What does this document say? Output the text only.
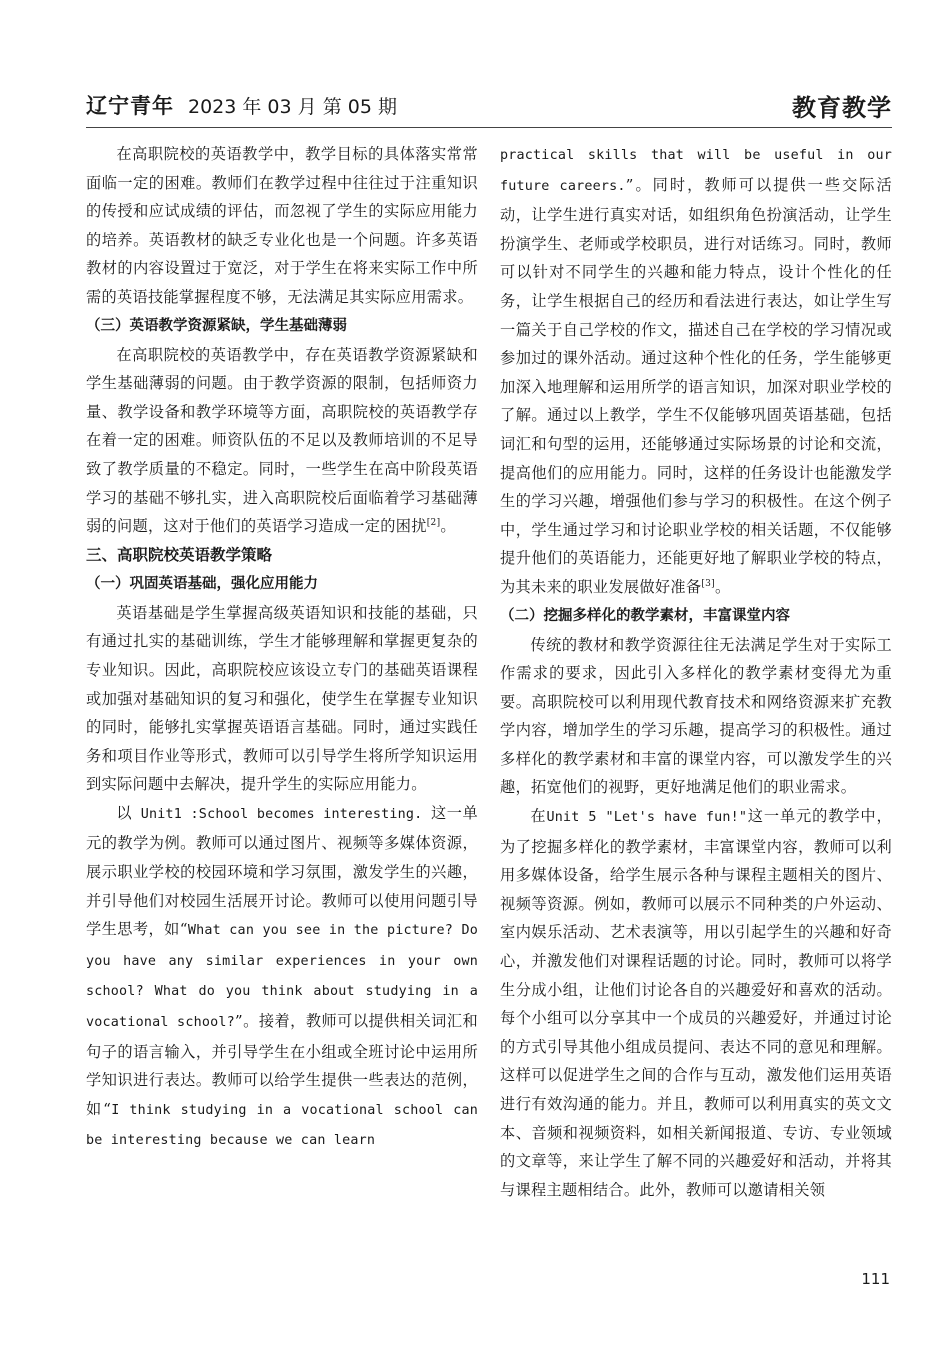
辽宁青年 2023 年 03 月 第 05 期	教育教学

在高职院校的英语教学中，教学目标的具体落实常常面临一定的困难。教师们在教学过程中往往过于注重知识的传授和应试成绩的评估，而忽视了学生的实际应用能力的培养。英语教材的缺乏专业化也是一个问题。许多英语教材的内容设置过于宽泛，对于学生在将来实际工作中所需的英语技能掌握程度不够，无法满足其实际应用需求。

（三）英语教学资源紧缺，学生基础薄弱

在高职院校的英语教学中，存在英语教学资源紧缺和学生基础薄弱的问题。由于教学资源的限制，包括师资力量、教学设备和教学环境等方面，高职院校的英语教学存在着一定的困难。师资队伍的不足以及教师培训的不足导致了教学质量的不稳定。同时，一些学生在高中阶段英语学习的基础不够扎实，进入高职院校后面临着学习基础薄弱的问题，这对于他们的英语学习造成一定的困扰[2]。

三、高职院校英语教学策略
（一）巩固英语基础，强化应用能力

英语基础是学生掌握高级英语知识和技能的基础，只有通过扎实的基础训练，学生才能够理解和掌握更复杂的专业知识。因此，高职院校应该设立专门的基础英语课程或加强对基础知识的复习和强化，使学生在掌握专业知识的同时，能够扎实掌握英语语言基础。同时，通过实践任务和项目作业等形式，教师可以引导学生将所学知识运用到实际问题中去解决，提升学生的实际应用能力。

以 Unit1 :School becomes interesting. 这一单元的教学为例。教师可以通过图片、视频等多媒体资源，展示职业学校的校园环境和学习氛围，激发学生的兴趣，并引导他们对校园生活展开讨论。教师可以使用问题引导学生思考，如“What can you see in the picture? Do you have any similar experiences in your own school? What do you think about studying in a vocational school?”。接着，教师可以提供相关词汇和句子的语言输入，并引导学生在小组或全班讨论中运用所学知识进行表达。教师可以给学生提供一些表达的范例，如“I think studying in a vocational school can be interesting because we can learn

practical skills that will be useful in our future careers.”。同时，教师可以提供一些交际活动，让学生进行真实对话，如组织角色扮演活动，让学生扮演学生、老师或学校职员，进行对话练习。同时，教师可以针对不同学生的兴趣和能力特点，设计个性化的任务，让学生根据自己的经历和看法进行表达，如让学生写一篇关于自己学校的作文，描述自己在学校的学习情况或参加过的课外活动。通过这种个性化的任务，学生能够更加深入地理解和运用所学的语言知识，加深对职业学校的了解。通过以上教学，学生不仅能够巩固英语基础，包括词汇和句型的运用，还能够通过实际场景的讨论和交流，提高他们的应用能力。同时，这样的任务设计也能激发学生的学习兴趣，增强他们参与学习的积极性。在这个例子中，学生通过学习和讨论职业学校的相关话题，不仅能够提升他们的英语能力，还能更好地了解职业学校的特点，为其未来的职业发展做好准备[3]。

（二）挖掘多样化的教学素材，丰富课堂内容

传统的教材和教学资源往往无法满足学生对于实际工作需求的要求，因此引入多样化的教学素材变得尤为重要。高职院校可以利用现代教育技术和网络资源来扩充教学内容，增加学生的学习乐趣，提高学习的积极性。通过多样化的教学素材和丰富的课堂内容，可以激发学生的兴趣，拓宽他们的视野，更好地满足他们的职业需求。

在Unit 5 "Let's have fun!"这一单元的教学中，为了挖掘多样化的教学素材，丰富课堂内容，教师可以利用多媒体设备，给学生展示各种与课程主题相关的图片、视频等资源。例如，教师可以展示不同种类的户外运动、室内娱乐活动、艺术表演等，用以引起学生的兴趣和好奇心，并激发他们对课程话题的讨论。同时，教师可以将学生分成小组，让他们讨论各自的兴趣爱好和喜欢的活动。每个小组可以分享其中一个成员的兴趣爱好，并通过讨论的方式引导其他小组成员提问、表达不同的意见和理解。这样可以促进学生之间的合作与互动，激发他们运用英语进行有效沟通的能力。并且，教师可以利用真实的英文文本、音频和视频资料，如相关新闻报道、专访、专业领域的文章等，来让学生了解不同的兴趣爱好和活动，并将其与课程主题相结合。此外，教师可以邀请相关领

111
